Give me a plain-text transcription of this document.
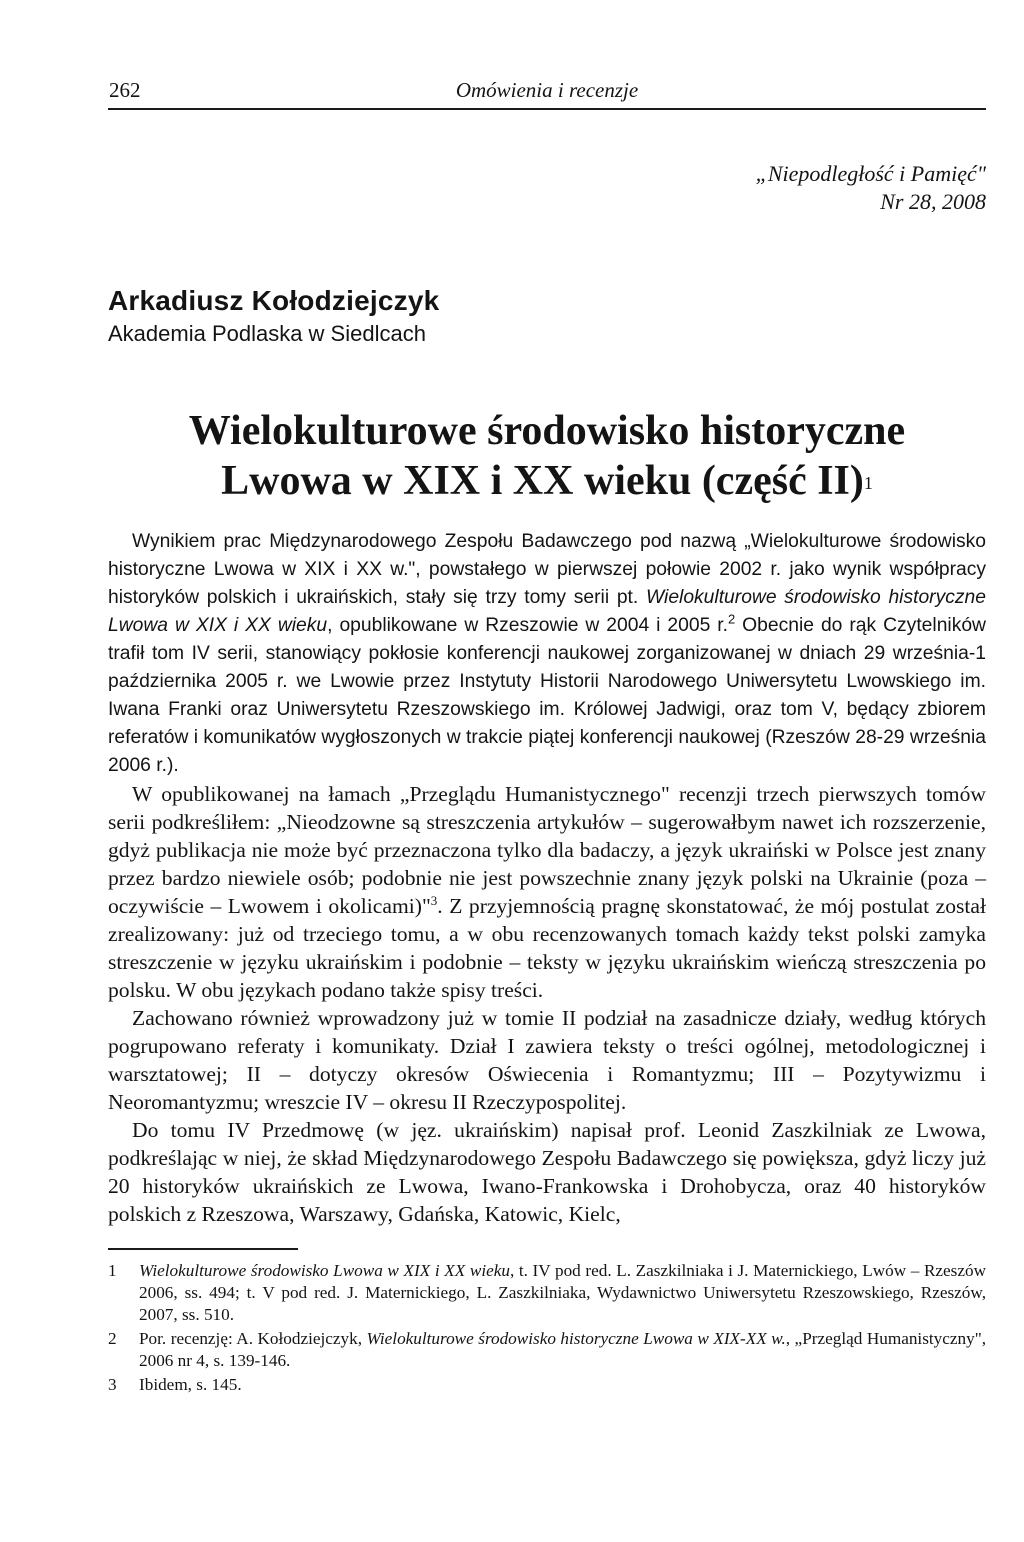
262	Omówienia i recenzje
„Niepodległość i Pamięć"
Nr 28, 2008
Arkadiusz Kołodziejczyk
Akademia Podlaska w Siedlcach
Wielokulturowe środowisko historyczne
Lwowa w XIX i XX wieku (część II)$^1$

Wynikiem prac Międzynarodowego Zespołu Badawczego pod nazwą „Wielokulturowe środowisko historyczne Lwowa w XIX i XX w.", powstałego w pierwszej połowie 2002 r. jako wynik współpracy historyków polskich i ukraińskich, stały się trzy tomy serii pt. Wielokulturowe środowisko historyczne Lwowa w XIX i XX wieku, opublikowane w Rzeszowie w 2004 i 2005 r.$^2$ Obecnie do rąk Czytelników trafił tom IV serii, stanowiący pokłosie konferencji naukowej zorganizowanej w dniach 29 września-1 października 2005 r. we Lwowie przez Instytuty Historii Narodowego Uniwersytetu Lwowskiego im. Iwana Franki oraz Uniwersytetu Rzeszowskiego im. Królowej Jadwigi, oraz tom V, będący zbiorem referatów i komunikatów wygłoszonych w trakcie piątej konferencji naukowej (Rzeszów 28-29 września 2006 r.).

W opublikowanej na łamach „Przeglądu Humanistycznego" recenzji trzech pierwszych tomów serii podkreśliłem: „Nieodzowne są streszczenia artykułów – sugerowałbym nawet ich rozszerzenie, gdyż publikacja nie może być przeznaczona tylko dla badaczy, a język ukraiński w Polsce jest znany przez bardzo niewiele osób; podobnie nie jest powszechnie znany język polski na Ukrainie (poza – oczywiście – Lwowem i okolicami)"$^3$. Z przyjemnością pragnę skonstatować, że mój postulat został zrealizowany: już od trzeciego tomu, a w obu recenzowanych tomach każdy tekst polski zamyka streszczenie w języku ukraińskim i podobnie – teksty w języku ukraińskim wieńczą streszczenia po polsku. W obu językach podano także spisy treści.

Zachowano również wprowadzony już w tomie II podział na zasadnicze działy, według których pogrupowano referaty i komunikaty. Dział I zawiera teksty o treści ogólnej, metodologicznej i warsztatowej; II – dotyczy okresów Oświecenia i Romantyzmu; III – Pozytywizmu i Neoromantyzmu; wreszcie IV – okresu II Rzeczypospolitej.

Do tomu IV Przedmowę (w jęz. ukraińskim) napisał prof. Leonid Zaszkilniak ze Lwowa, podkreślając w niej, że skład Międzynarodowego Zespołu Badawczego się powiększa, gdyż liczy już 20 historyków ukraińskich ze Lwowa, Iwano-Frankowska i Drohobycza, oraz 40 historyków polskich z Rzeszowa, Warszawy, Gdańska, Katowic, Kielc,

1 Wielokulturowe środowisko Lwowa w XIX i XX wieku, t. IV pod red. L. Zaszkilniaka i J. Maternickiego, Lwów – Rzeszów 2006, ss. 494; t. V pod red. J. Maternickiego, L. Zaszkilniaka, Wydawnictwo Uniwersytetu Rzeszowskiego, Rzeszów, 2007, ss. 510.
2 Por. recenzję: A. Kołodziejczyk, Wielokulturowe środowisko historyczne Lwowa w XIX-XX w., „Przegląd Humanistyczny", 2006 nr 4, s. 139-146.
3 Ibidem, s. 145.
